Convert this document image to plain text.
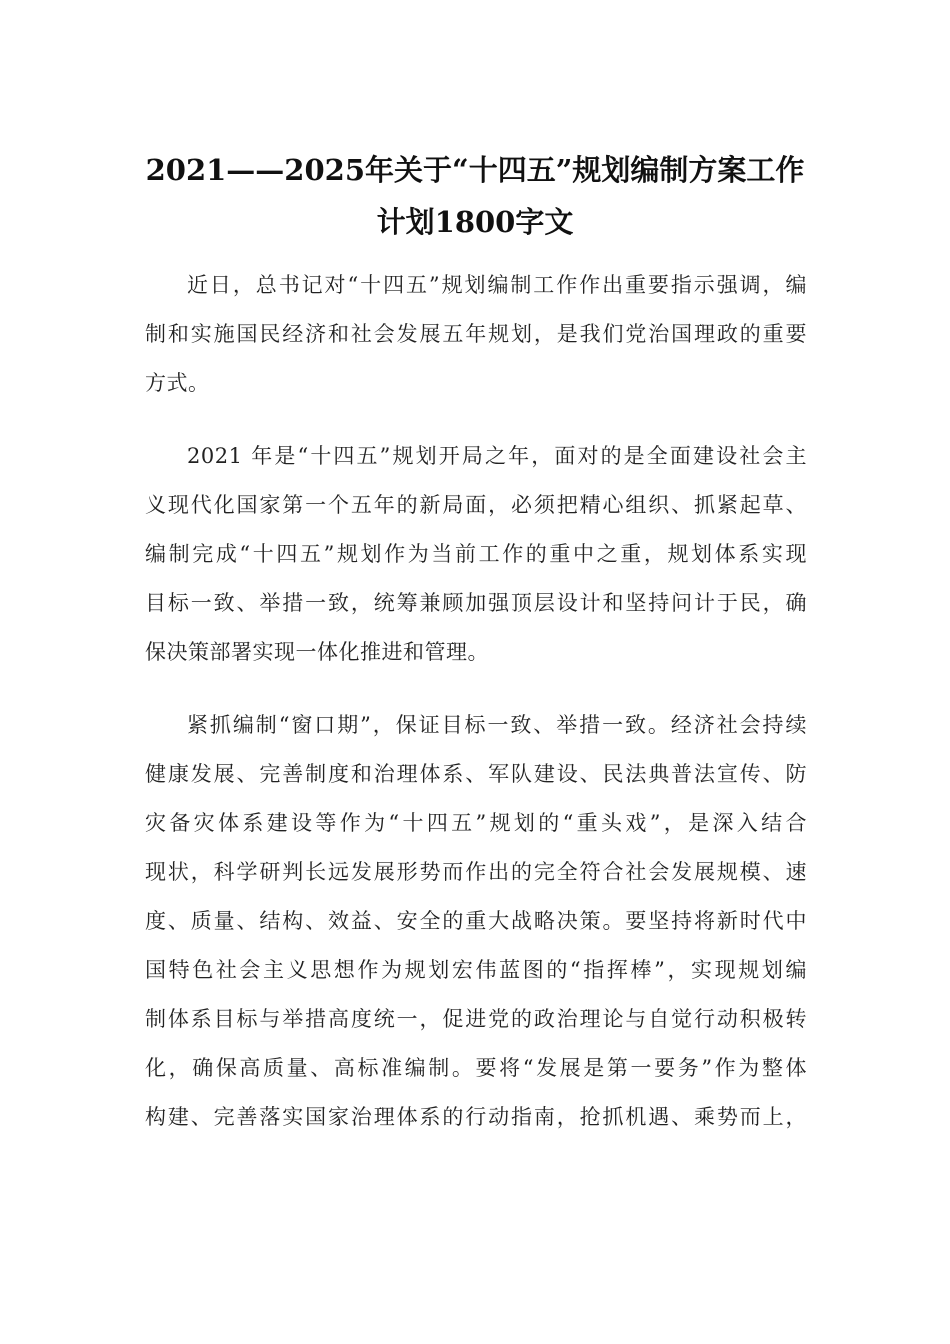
2021——2025年关于“十四五”规划编制方案工作
计划1800字文
近日，总书记对“十四五”规划编制工作作出重要指示强调，编
制和实施国民经济和社会发展五年规划，是我们党治国理政的重要
方式。
2021 年是“十四五”规划开局之年，面对的是全面建设社会主
义现代化国家第一个五年的新局面，必须把精心组织、抓紧起草、
编制完成“十四五”规划作为当前工作的重中之重，规划体系实现
目标一致、举措一致，统筹兼顾加强顶层设计和坚持问计于民，确
保决策部署实现一体化推进和管理。
紧抓编制“窗口期”，保证目标一致、举措一致。经济社会持续
健康发展、完善制度和治理体系、军队建设、民法典普法宣传、防
灾备灾体系建设等作为“十四五”规划的“重头戏”，是深入结合
现状，科学研判长远发展形势而作出的完全符合社会发展规模、速
度、质量、结构、效益、安全的重大战略决策。要坚持将新时代中
国特色社会主义思想作为规划宏伟蓝图的“指挥棒”，实现规划编
制体系目标与举措高度统一，促进党的政治理论与自觉行动积极转
化，确保高质量、高标准编制。要将“发展是第一要务”作为整体
构建、完善落实国家治理体系的行动指南，抢抓机遇、乘势而上，
